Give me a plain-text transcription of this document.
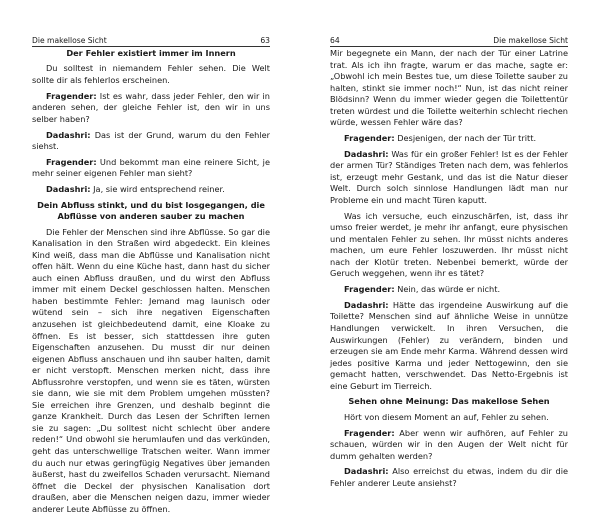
Die makellose Sicht	63
Der Fehler existiert immer im Innern

Du solltest in niemandem Fehler sehen. Die Welt sollte dir als fehlerlos erscheinen.

Fragender: Ist es wahr, dass jeder Fehler, den wir in anderen sehen, der gleiche Fehler ist, den wir in uns selber haben?

Dadashri: Das ist der Grund, warum du den Fehler siehst.

Fragender: Und bekommt man eine reinere Sicht, je mehr seiner eigenen Fehler man sieht?

Dadashri: Ja, sie wird entsprechend reiner.

Dein Abfluss stinkt, und du bist losgegangen, die Abflüsse von anderen sauber zu machen

Die Fehler der Menschen sind ihre Abflüsse. So gar die Kanalisation in den Straßen wird abgedeckt. Ein kleines Kind weiß, dass man die Abflüsse und Kanalisation nicht offen hält. Wenn du eine Küche hast, dann hast du sicher auch einen Abfluss draußen, und du wirst den Abfluss immer mit einem Deckel geschlossen halten. Menschen haben bestimmte Fehler: Jemand mag launisch oder wütend sein – sich ihre negativen Eigenschaften anzusehen ist gleichbedeutend damit, eine Kloake zu öffnen. Es ist besser, sich stattdessen ihre guten Eigenschaften anzusehen. Du musst dir nur deinen eigenen Abfluss anschauen und ihn sauber halten, damit er nicht verstopft. Menschen merken nicht, dass ihre Abflussrohre verstopfen, und wenn sie es täten, würsten sie dann, wie sie mit dem Problem umgehen müssten? Sie erreichen ihre Grenzen, und deshalb beginnt die ganze Krankheit. Durch das Lesen der Schriften lernen sie zu sagen: „Du solltest nicht schlecht über andere reden!“ Und obwohl sie herumlaufen und das verkünden, geht das unterschwellige Tratschen weiter. Wann immer du auch nur etwas geringfügig Negatives über jemanden äußerst, hast du zweifellos Schaden verursacht. Niemand öffnet die Deckel der physischen Kanalisation dort draußen, aber die Menschen neigen dazu, immer wieder anderer Leute Abflüsse zu öffnen.

64	Die makellose Sicht

Mir begegnete ein Mann, der nach der Tür einer Latrine trat. Als ich ihn fragte, warum er das mache, sagte er: „Obwohl ich mein Bestes tue, um diese Toilette sauber zu halten, stinkt sie immer noch!“ Nun, ist das nicht reiner Blödsinn? Wenn du immer wieder gegen die Toilettentür treten würdest und die Toilette weiterhin schlecht riechen würde, wessen Fehler wäre das?

Fragender: Desjenigen, der nach der Tür tritt.

Dadashri: Was für ein großer Fehler! Ist es der Fehler der armen Tür? Ständiges Treten nach dem, was fehlerlos ist, erzeugt mehr Gestank, und das ist die Natur dieser Welt. Durch solch sinnlose Handlungen lädt man nur Probleme ein und macht Türen kaputt.

Was ich versuche, euch einzuschärfen, ist, dass ihr umso freier werdet, je mehr ihr anfangt, eure physischen und mentalen Fehler zu sehen. Ihr müsst nichts anderes machen, um eure Fehler loszuwerden. Ihr müsst nicht nach der Klotür treten. Nebenbei bemerkt, würde der Geruch weggehen, wenn ihr es tätet?

Fragender: Nein, das würde er nicht.

Dadashri: Hätte das irgendeine Auswirkung auf die Toilette? Menschen sind auf ähnliche Weise in unnütze Handlungen verwickelt. In ihren Versuchen, die Auswirkungen (Fehler) zu verändern, binden und erzeugen sie am Ende mehr Karma. Während dessen wird jedes positive Karma und jeder Nettogewinn, den sie gemacht hatten, verschwendet. Das Netto-Ergebnis ist eine Geburt im Tierreich.

Sehen ohne Meinung: Das makellose Sehen

Hört von diesem Moment an auf, Fehler zu sehen.

Fragender: Aber wenn wir aufhören, auf Fehler zu schauen, würden wir in den Augen der Welt nicht für dumm gehalten werden?

Dadashri: Also erreichst du etwas, indem du dir die Fehler anderer Leute ansiehst?
